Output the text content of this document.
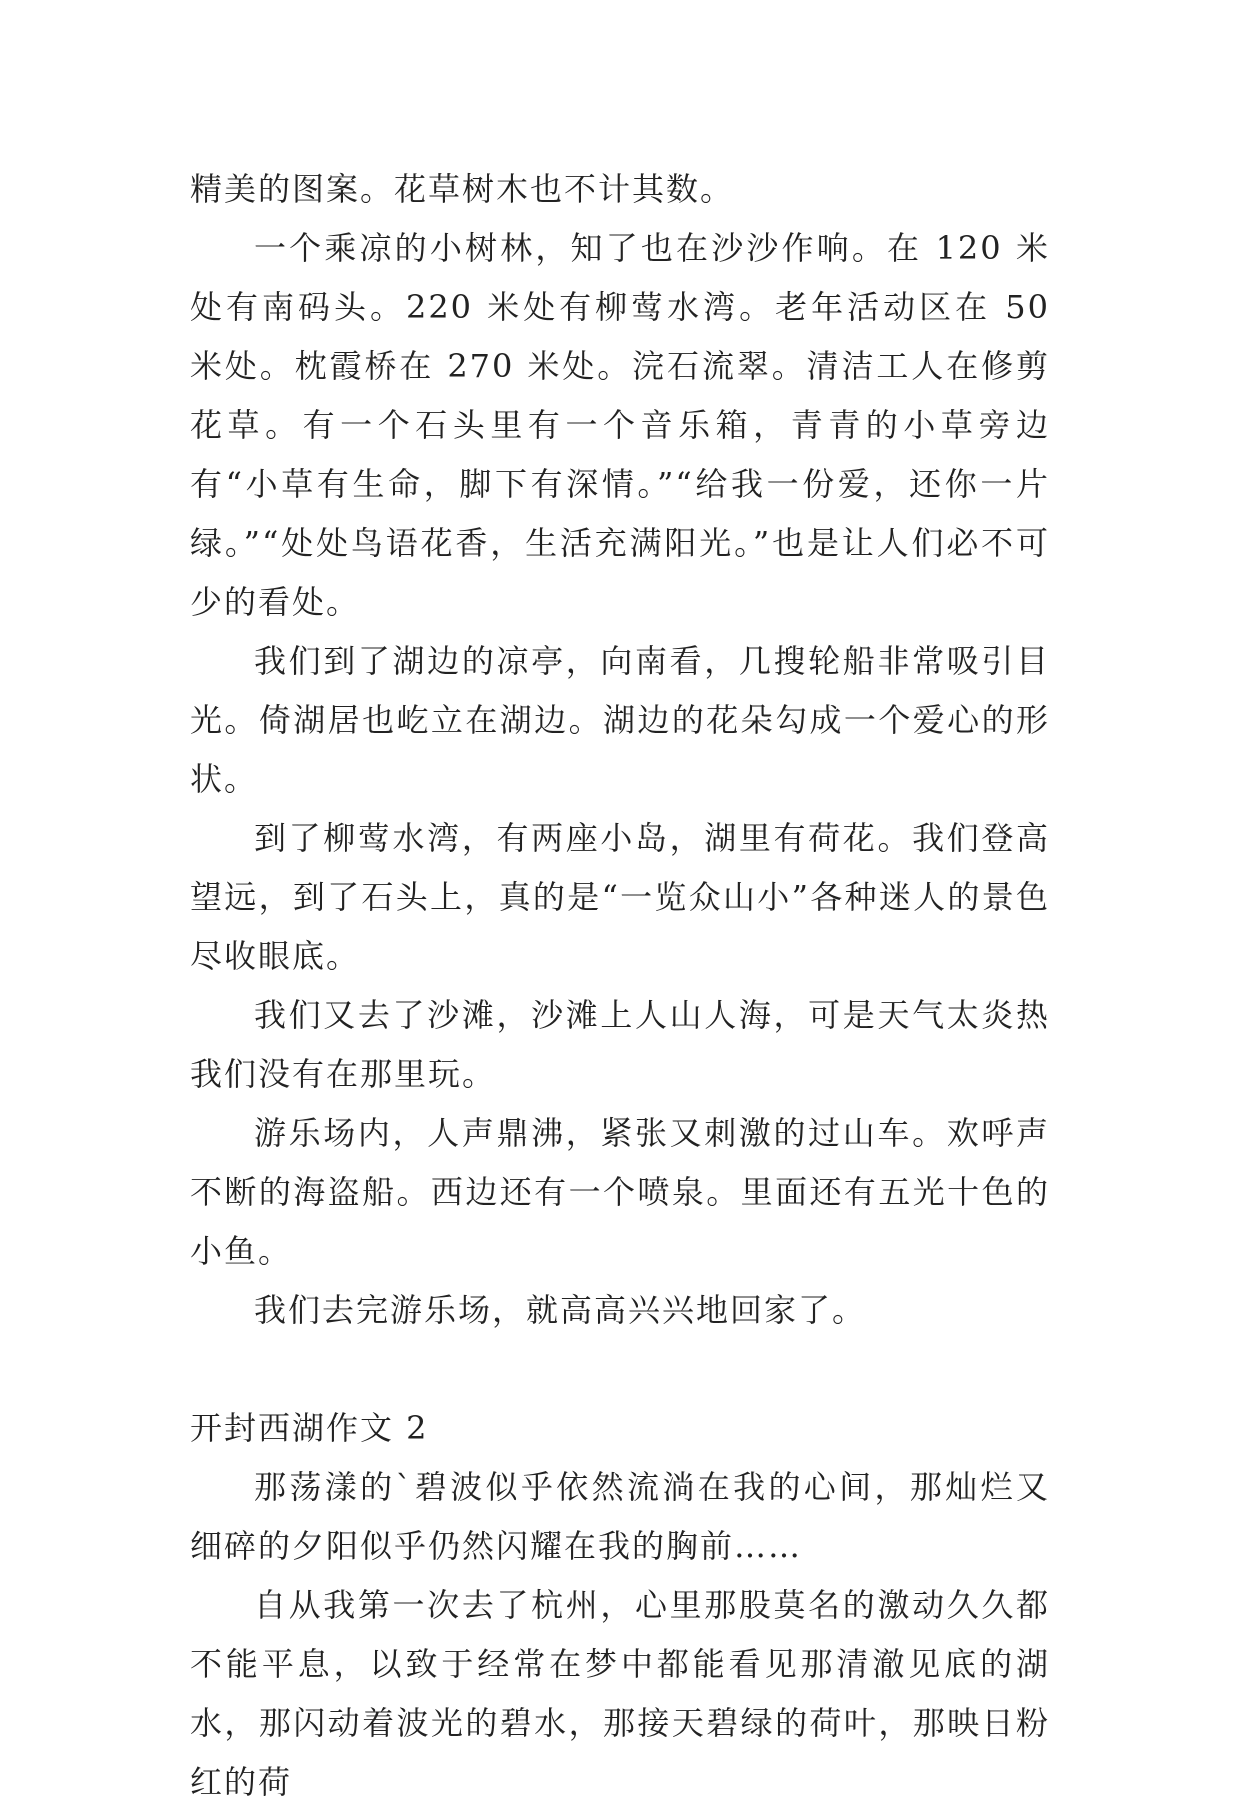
精美的图案。花草树木也不计其数。

一个乘凉的小树林，知了也在沙沙作响。在 120 米处有南码头。220 米处有柳莺水湾。老年活动区在 50 米处。枕霞桥在 270 米处。浣石流翠。清洁工人在修剪花草。有一个石头里有一个音乐箱，青青的小草旁边有“小草有生命，脚下有深情。”“给我一份爱，还你一片绿。”“处处鸟语花香，生活充满阳光。”也是让人们必不可少的看处。

我们到了湖边的凉亭，向南看，几搜轮船非常吸引目光。倚湖居也屹立在湖边。湖边的花朵勾成一个爱心的形状。

到了柳莺水湾，有两座小岛，湖里有荷花。我们登高望远，到了石头上，真的是“一览众山小”各种迷人的景色尽收眼底。

我们又去了沙滩，沙滩上人山人海，可是天气太炎热我们没有在那里玩。

游乐场内，人声鼎沸，紧张又刺激的过山车。欢呼声不断的海盗船。西边还有一个喷泉。里面还有五光十色的小鱼。

我们去完游乐场，就高高兴兴地回家了。

开封西湖作文 2

那荡漾的`碧波似乎依然流淌在我的心间，那灿烂又细碎的夕阳似乎仍然闪耀在我的胸前……

自从我第一次去了杭州，心里那股莫名的激动久久都不能平息，以致于经常在梦中都能看见那清澈见底的湖水，那闪动着波光的碧水，那接天碧绿的荷叶，那映日粉红的荷
